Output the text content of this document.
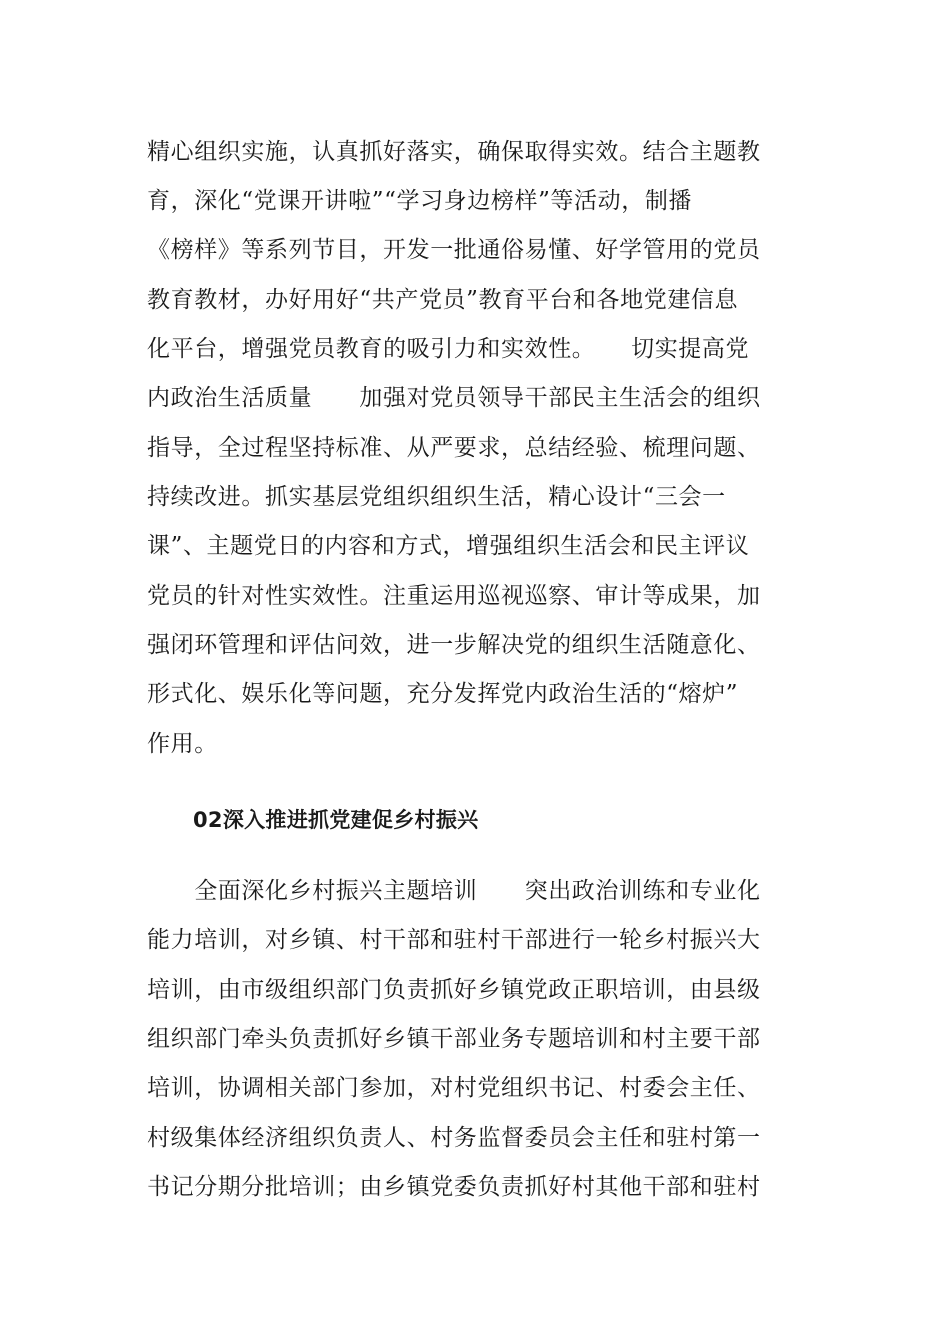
精心组织实施，认真抓好落实，确保取得实效。结合主题教
育，深化“党课开讲啦”“学习身边榜样”等活动，制播
《榜样》等系列节目，开发一批通俗易懂、好学管用的党员
教育教材，办好用好“共产党员”教育平台和各地党建信息
化平台，增强党员教育的吸引力和实效性。　　切实提高党
内政治生活质量　　加强对党员领导干部民主生活会的组织
指导，全过程坚持标准、从严要求，总结经验、梳理问题、
持续改进。抓实基层党组织组织生活，精心设计“三会一
课”、主题党日的内容和方式，增强组织生活会和民主评议
党员的针对性实效性。注重运用巡视巡察、审计等成果，加
强闭环管理和评估问效，进一步解决党的组织生活随意化、
形式化、娱乐化等问题，充分发挥党内政治生活的“熔炉”
作用。
02深入推进抓党建促乡村振兴
　　全面深化乡村振兴主题培训　　突出政治训练和专业化
能力培训，对乡镇、村干部和驻村干部进行一轮乡村振兴大
培训，由市级组织部门负责抓好乡镇党政正职培训，由县级
组织部门牵头负责抓好乡镇干部业务专题培训和村主要干部
培训，协调相关部门参加，对村党组织书记、村委会主任、
村级集体经济组织负责人、村务监督委员会主任和驻村第一
书记分期分批培训；由乡镇党委负责抓好村其他干部和驻村
